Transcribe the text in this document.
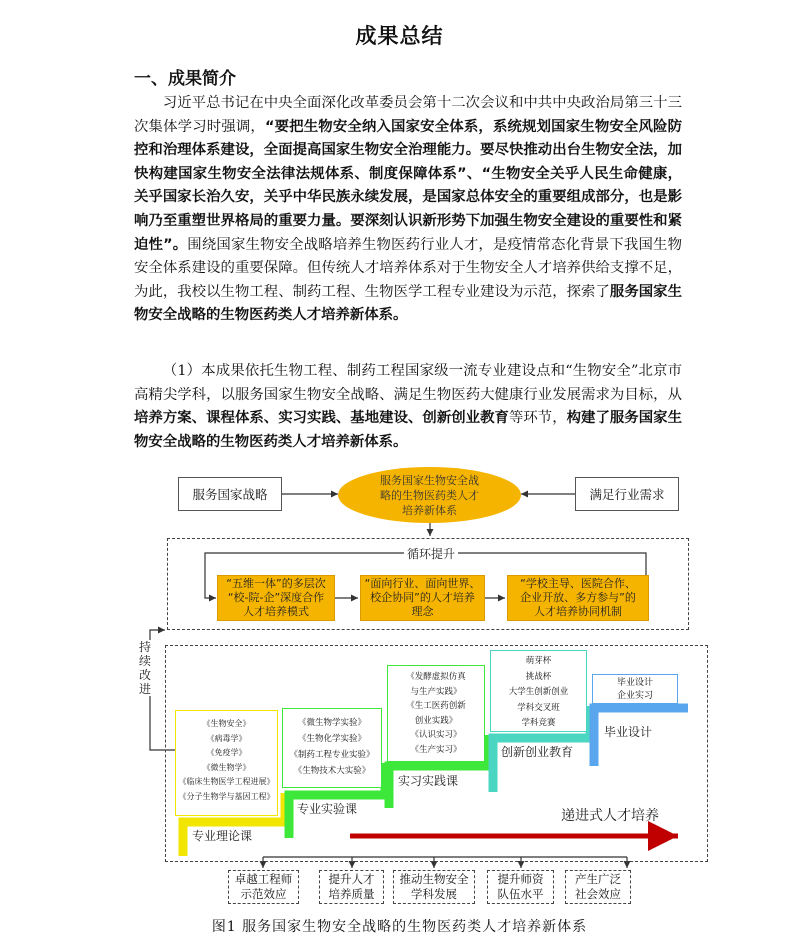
成果总结
一、成果简介

习近平总书记在中央全面深化改革委员会第十二次会议和中共中央政治局第三十三次集体学习时强调，“要把生物安全纳入国家安全体系，系统规划国家生物安全风险防控和治理体系建设，全面提高国家生物安全治理能力。要尽快推动出台生物安全法，加快构建国家生物安全法律法规体系、制度保障体系”、“生物安全关乎人民生命健康，关乎国家长治久安，关乎中华民族永续发展，是国家总体安全的重要组成部分，也是影响乃至重塑世界格局的重要力量。要深刻认识新形势下加强生物安全建设的重要性和紧迫性”。围绕国家生物安全战略培养生物医药行业人才，是疫情常态化背景下我国生物安全体系建设的重要保障。但传统人才培养体系对于生物安全人才培养供给支撑不足，为此，我校以生物工程、制药工程、生物医学工程专业建设为示范，探索了服务国家生物安全战略的生物医药类人才培养新体系。

（1）本成果依托生物工程、制药工程国家级一流专业建设点和“生物安全”北京市高精尖学科，以服务国家生物安全战略、满足生物医药大健康行业发展需求为目标，从培养方案、课程体系、实习实践、基地建设、创新创业教育等环节，构建了服务国家生物安全战略的生物医药类人才培养新体系。

服务国家战略	满足行业需求
服务国家生物安全战
略的生物医药类人才
培养新体系
循环提升
“五维一体”的多层次
“校-院-企”深度合作
人才培养模式
“面向行业、面向世界、
校企协同”的人才培养
理念
“学校主导、医院合作、
企业开放、多方参与”的
人才培养协同机制
持续改进
《生物安全》
《病毒学》
《免疫学》
《微生物学》
《临床生物医学工程进展》
《分子生物学与基因工程》
《微生物学实验》
《生物化学实验》
《制药工程专业实验》
《生物技术大实验》
《发酵虚拟仿真
与生产实践》
《生工医药创新
创业实践》
《认识实习》
《生产实习》
萌芽杯
挑战杯
大学生创新创业
学科交叉班
学科竞赛
毕业设计
企业实习
专业理论课
专业实验课
实习实践课
创新创业教育
毕业设计
递进式人才培养
卓越工程师
示范效应
提升人才
培养质量
推动生物安全
学科发展
提升师资
队伍水平
产生广泛
社会效应
图1 服务国家生物安全战略的生物医药类人才培养新体系
